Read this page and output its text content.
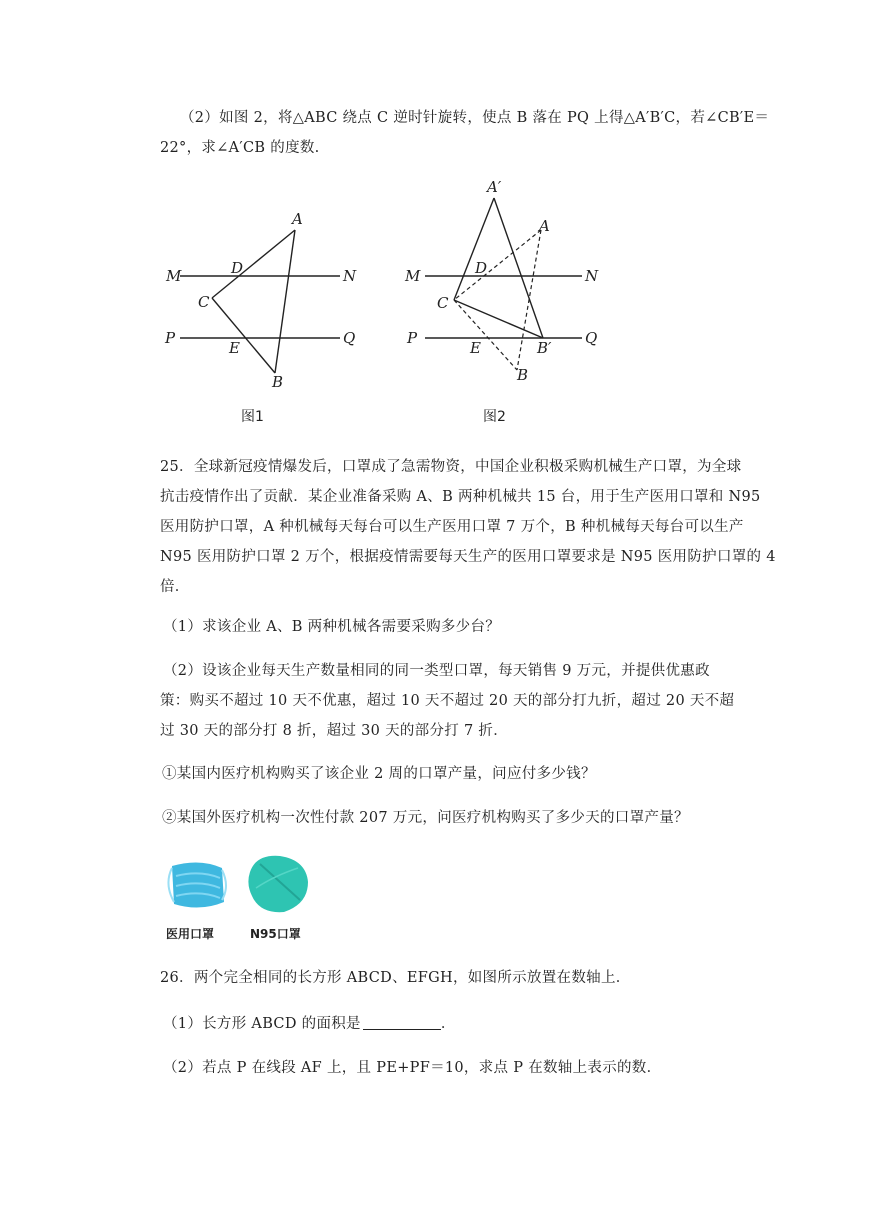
（2）如图 2，将△ABC 绕点 C 逆时针旋转，使点 B 落在 PQ 上得△A′B′C，若∠CB′E＝
22°，求∠A′CB 的度数.
A
D
M	N
C
P
E
Q
B
图1
A′
A
D
M	N
C
P
E	B′
Q
B
图2
25．全球新冠疫情爆发后，口罩成了急需物资，中国企业积极采购机械生产口罩，为全球
抗击疫情作出了贡献．某企业准备采购 A、B 两种机械共 15 台，用于生产医用口罩和 N95
医用防护口罩，A 种机械每天每台可以生产医用口罩 7 万个，B 种机械每天每台可以生产
N95 医用防护口罩 2 万个，根据疫情需要每天生产的医用口罩要求是 N95 医用防护口罩的 4
倍．
（1）求该企业 A、B 两种机械各需要采购多少台？
（2）设该企业每天生产数量相同的同一类型口罩，每天销售 9 万元，并提供优惠政
策：购买不超过 10 天不优惠，超过 10 天不超过 20 天的部分打九折，超过 20 天不超
过 30 天的部分打 8 折，超过 30 天的部分打 7 折．
①某国内医疗机构购买了该企业 2 周的口罩产量，问应付多少钱？
②某国外医疗机构一次性付款 207 万元，问医疗机构购买了多少天的口罩产量？
医用口罩	N95口罩
26．两个完全相同的长方形 ABCD、EFGH，如图所示放置在数轴上．
（1）长方形 ABCD 的面积是	．
（2）若点 P 在线段 AF 上，且 PE+PF＝10，求点 P 在数轴上表示的数．
